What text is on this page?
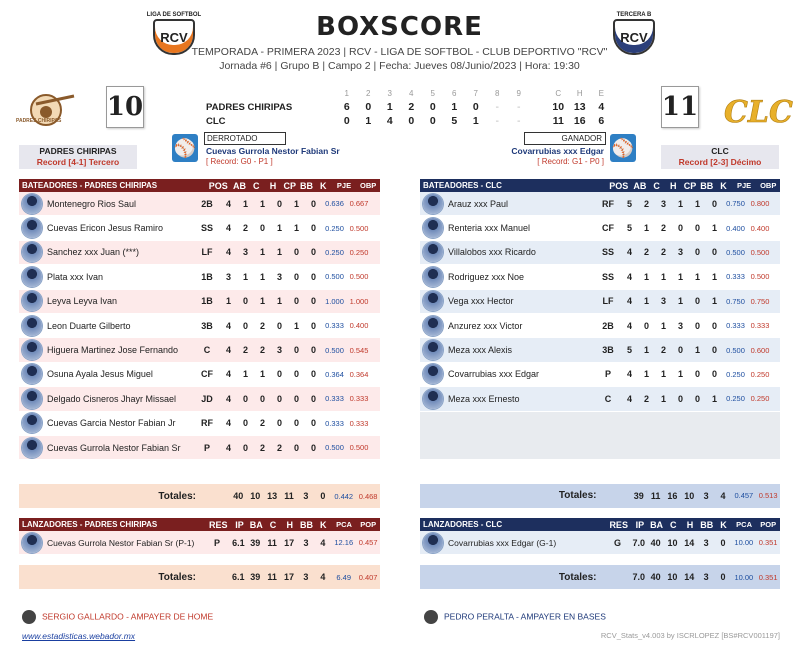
LIGA DE SOFTBOL
RCV
TERCERA B
RCV
BOXSCORE
TEMPORADA - PRIMERA 2023 | RCV - LIGA DE SOFTBOL - CLUB DEPORTIVO "RCV"
Jornada #6 | Grupo B | Campo 2 | Fecha: Jueves 08/Junio/2023 | Hora: 19:30
PADRES CHIRIPAS	CLC
10	11
1	2	3	4	5	6	7	8	9	C	H	E
PADRES CHIRIPAS	6	0	1	2	0	1	0	-	-	10 13	4
CLC	0	1	4	0	0	5	1	-	-	11 16	6
PADRES CHIRIPAS
Record [4-1] Tercero
CLC
Record [2-3] Décimo
⚾	DERROTADO
Cuevas Gurrola Nestor Fabian Sr
[ Record: G0 - P1 ]
⚾
GANADOR
Covarrubias xxx Edgar
[ Record: G1 - P0 ]
BATEADORES - PADRES CHIRIPAS	POS AB C	H CP BB K	PJE	OBP
Montenegro Rios Saul	2B	4	1	1	0	1	0	0.636 0.667
Cuevas Ericon Jesus Ramiro	SS	4	2	0	1	1	0	0.250 0.500
Sanchez xxx Juan (***)	LF	4	3	1	1	0	0	0.250 0.250
Plata xxx Ivan	1B	3	1	1	3	0	0	0.500 0.500
Leyva Leyva Ivan	1B	1	0	1	1	0	0	1.000 1.000
Leon Duarte Gilberto	3B	4	0	2	0	1	0	0.333 0.400
Higuera Martinez Jose Fernando	C	4	2	2	3	0	0	0.500 0.545
Osuna Ayala Jesus Miguel	CF	4	1	1	0	0	0	0.364 0.364
Delgado Cisneros Jhayr Missael	JD	4	0	0	0	0	0	0.333 0.333
Cuevas Garcia Nestor Fabian Jr	RF	4	0	2	0	0	0	0.333 0.333
Cuevas Gurrola Nestor Fabian Sr	P	4	0	2	2	0	0	0.500 0.500
Totales:	40 10 13 11	3	0	0.442 0.468
BATEADORES - CLC	POS AB C	H CP BB K	PJE	OBP
Arauz xxx Paul	RF	5	2	3	1	1	0	0.750 0.800
Renteria xxx Manuel	CF	5	1	2	0	0	1	0.400 0.400
Villalobos xxx Ricardo	SS	4	2	2	3	0	0	0.500 0.500
Rodriguez xxx Noe	SS	4	1	1	1	1	1	0.333 0.500
Vega xxx Hector	LF	4	1	3	1	0	1	0.750 0.750
Anzurez xxx Victor	2B	4	0	1	3	0	0	0.333 0.333
Meza xxx Alexis	3B	5	1	2	0	1	0	0.500 0.600
Covarrubias xxx Edgar	P	4	1	1	1	0	0	0.250 0.250
Meza xxx Ernesto	C	4	2	1	0	0	1	0.250 0.250
Totales:	39 11 16 10	3	4	0.457 0.513
LANZADORES - PADRES CHIRIPAS	RES IP BA C	H BB K	PCA	POP
Cuevas Gurrola Nestor Fabian Sr (P-1)	P	6.1 39 11 17	3	4	12.16 0.457
Totales:	6.1 39 11 17	3	4	6.49	0.407
LANZADORES - CLC	RES IP BA C	H BB K	PCA	POP
Covarrubias xxx Edgar (G-1)	G	7.0 40 10 14	3	0	10.00 0.351
Totales:	7.0 40 10 14	3	0	10.00 0.351
SERGIO GALLARDO - AMPAYER DE HOME	PEDRO PERALTA - AMPAYER EN BASES
www.estadisticas.webador.mx	RCV_Stats_v4.003 by ISCRLOPEZ [BS#RCV001197]
